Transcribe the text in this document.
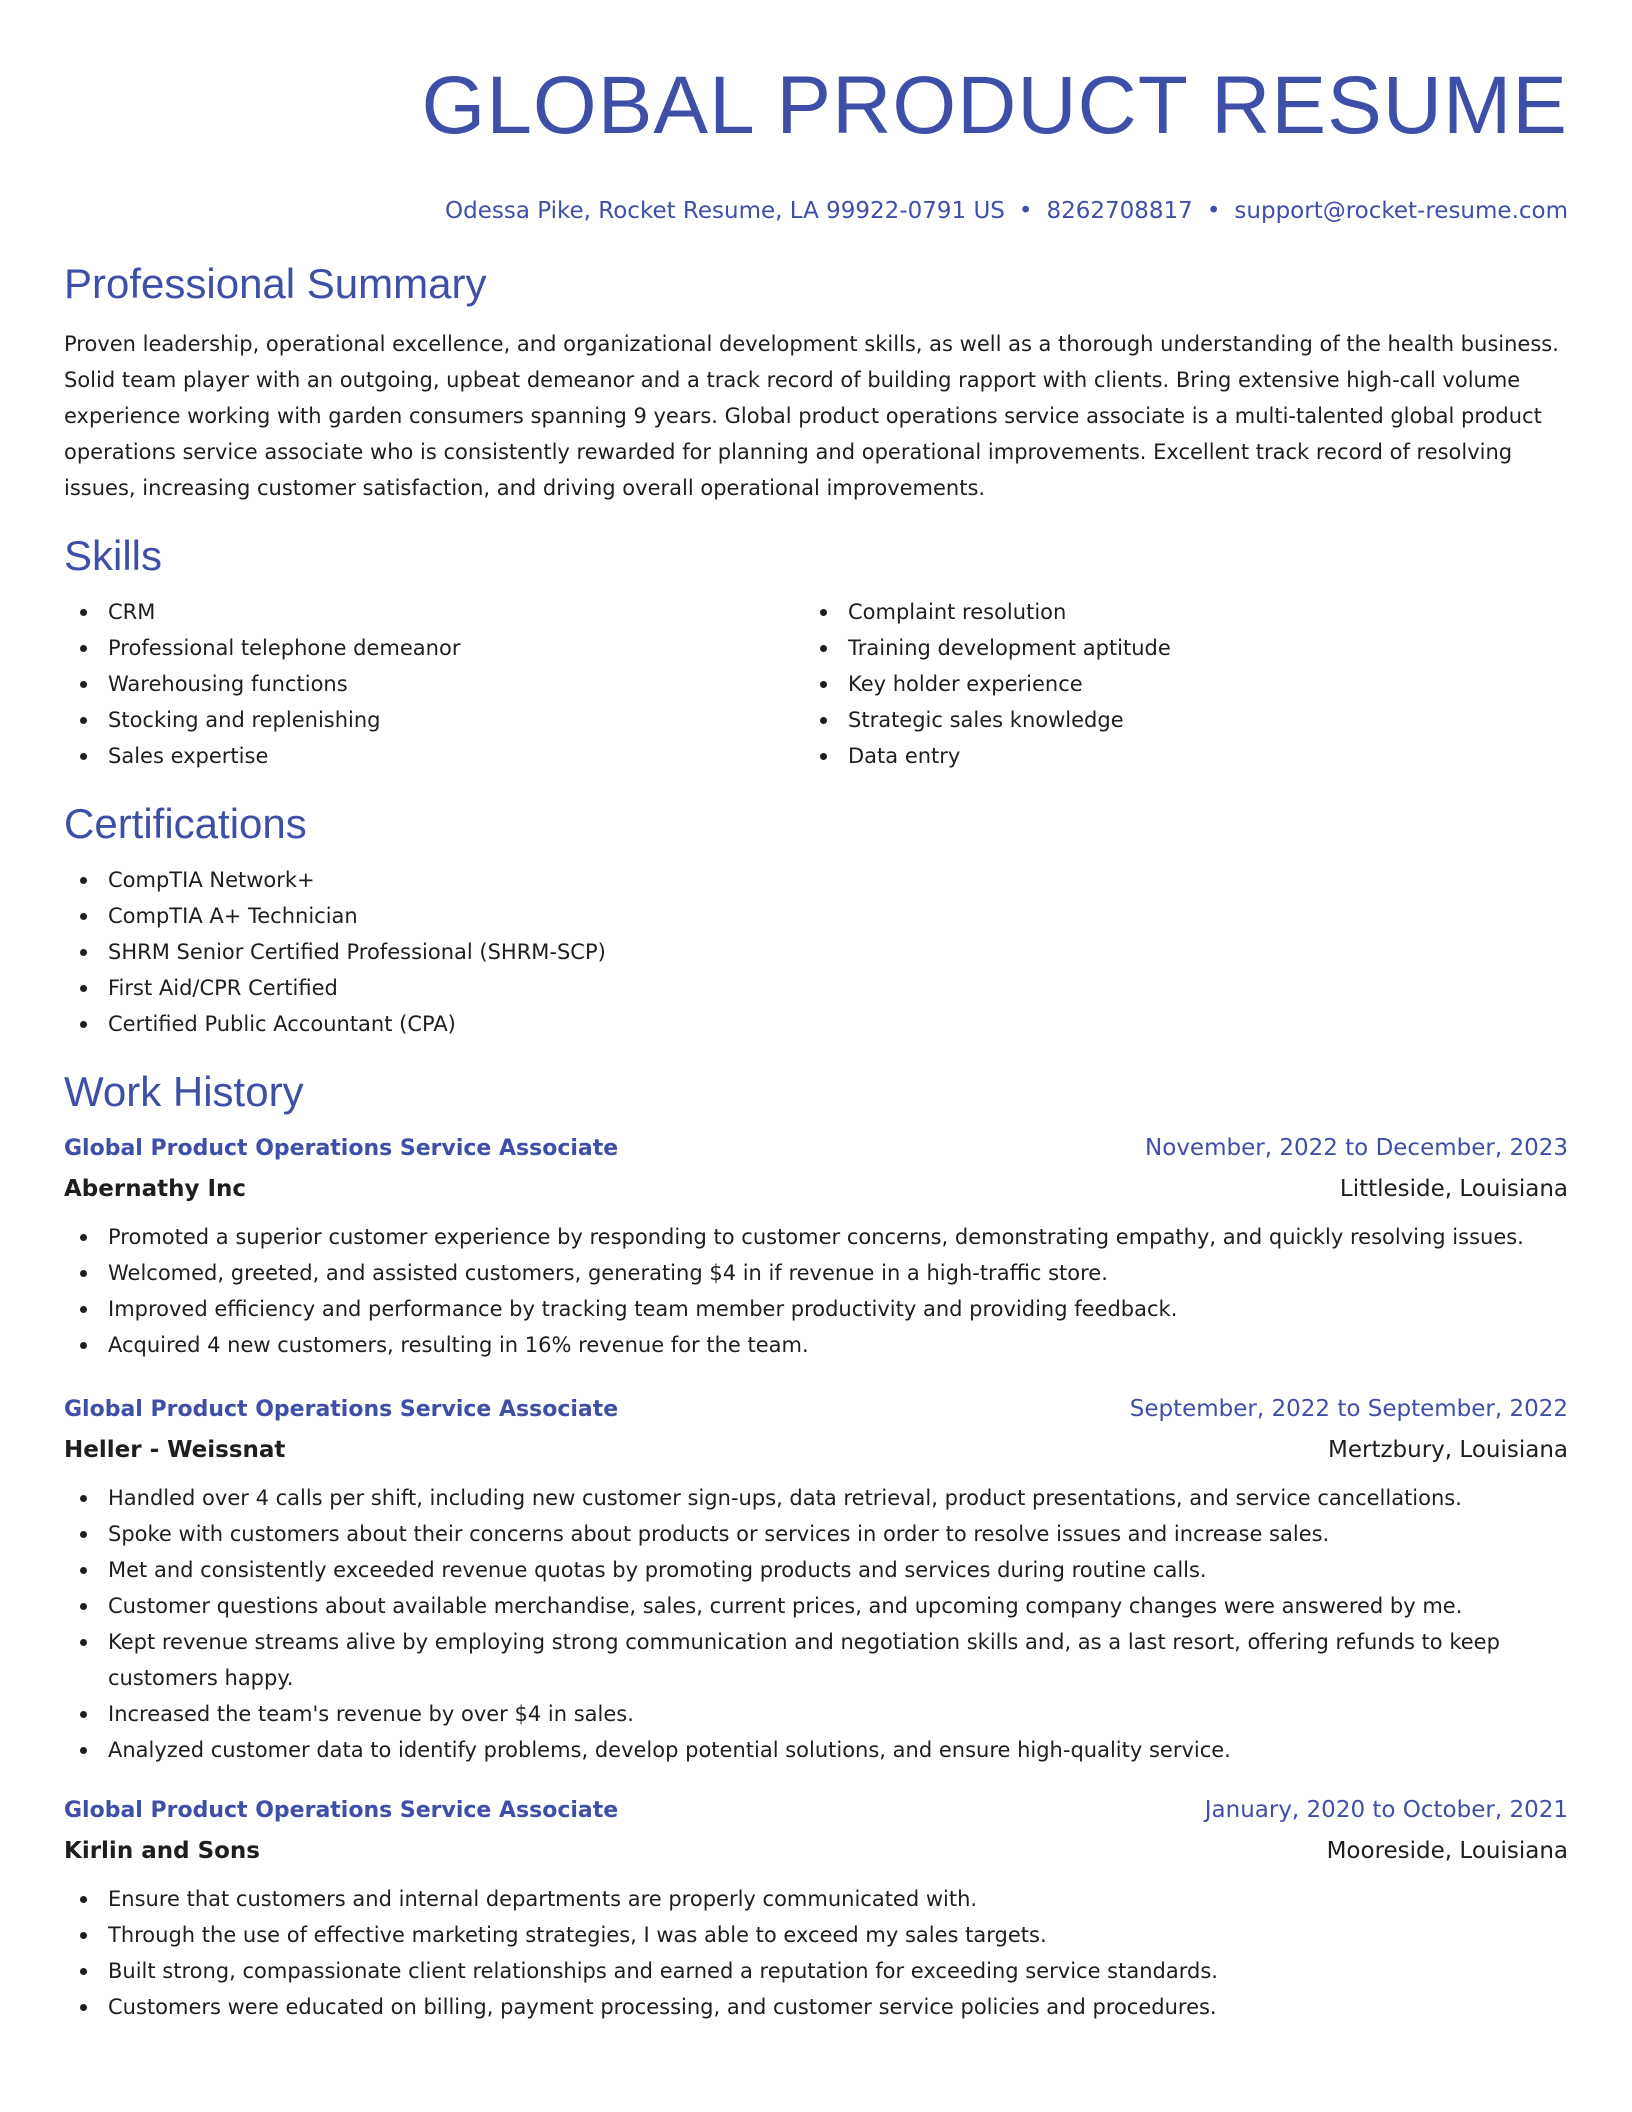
GLOBAL PRODUCT RESUME
Odessa Pike, Rocket Resume, LA 99922-0791 US • 8262708817 • support@rocket-resume.com
Professional Summary

Proven leadership, operational excellence, and organizational development skills, as well as a thorough understanding of the health business. Solid team player with an outgoing, upbeat demeanor and a track record of building rapport with clients. Bring extensive high-call volume experience working with garden consumers spanning 9 years. Global product operations service associate is a multi-talented global product operations service associate who is consistently rewarded for planning and operational improvements. Excellent track record of resolving issues, increasing customer satisfaction, and driving overall operational improvements.

Skills
CRM
Professional telephone demeanor
Warehousing functions
Stocking and replenishing
Sales expertise
Complaint resolution
Training development aptitude
Key holder experience
Strategic sales knowledge
Data entry
Certifications
CompTIA Network+
CompTIA A+ Technician
SHRM Senior Certified Professional (SHRM-SCP)
First Aid/CPR Certified
Certified Public Accountant (CPA)
Work History
Global Product Operations Service Associate	November, 2022 to December, 2023
Abernathy Inc	Littleside, Louisiana
Promoted a superior customer experience by responding to customer concerns, demonstrating empathy, and quickly resolving issues.
Welcomed, greeted, and assisted customers, generating $4 in if revenue in a high-traffic store.
Improved efficiency and performance by tracking team member productivity and providing feedback.
Acquired 4 new customers, resulting in 16% revenue for the team.
Global Product Operations Service Associate	September, 2022 to September, 2022
Heller - Weissnat	Mertzbury, Louisiana
Handled over 4 calls per shift, including new customer sign-ups, data retrieval, product presentations, and service cancellations.
Spoke with customers about their concerns about products or services in order to resolve issues and increase sales.
Met and consistently exceeded revenue quotas by promoting products and services during routine calls.
Customer questions about available merchandise, sales, current prices, and upcoming company changes were answered by me.
Kept revenue streams alive by employing strong communication and negotiation skills and, as a last resort, offering refunds to keep customers happy.
Increased the team's revenue by over $4 in sales.
Analyzed customer data to identify problems, develop potential solutions, and ensure high-quality service.
Global Product Operations Service Associate	January, 2020 to October, 2021
Kirlin and Sons	Mooreside, Louisiana
Ensure that customers and internal departments are properly communicated with.
Through the use of effective marketing strategies, I was able to exceed my sales targets.
Built strong, compassionate client relationships and earned a reputation for exceeding service standards.
Customers were educated on billing, payment processing, and customer service policies and procedures.
